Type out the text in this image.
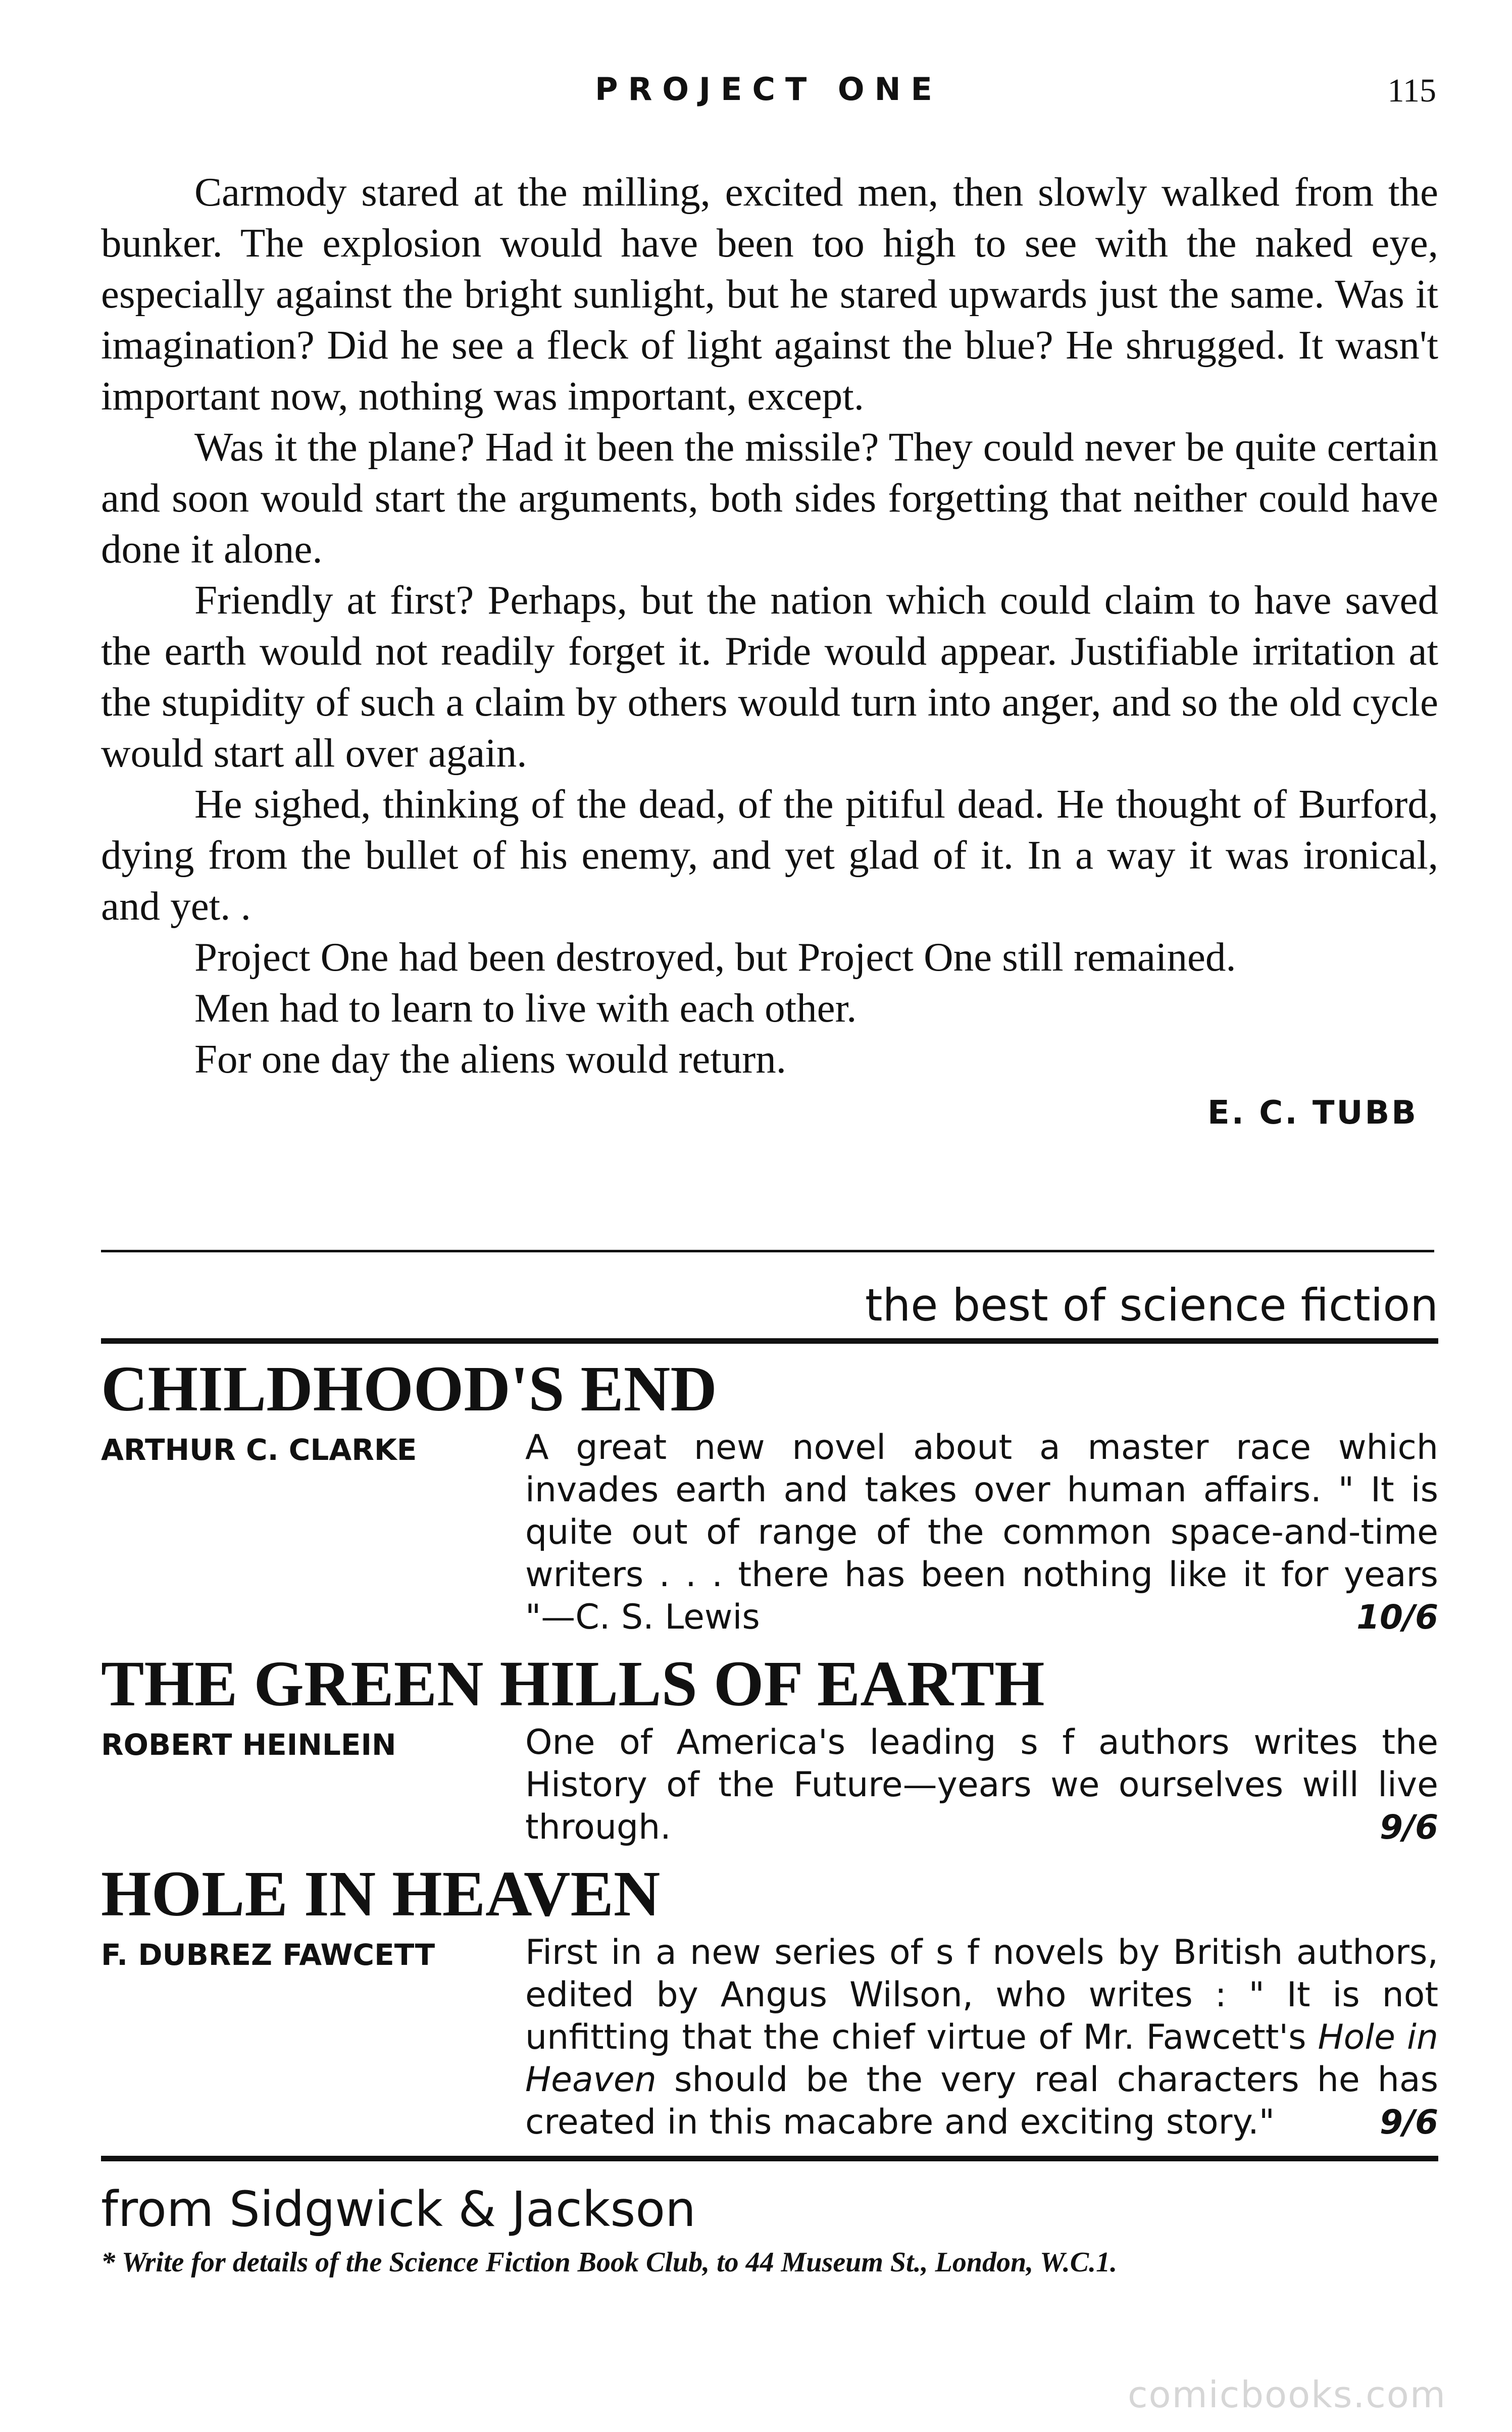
PROJECT ONE	115

Carmody stared at the milling, excited men, then slowly walked from the bunker. The explosion would have been too high to see with the naked eye, especially against the bright sunlight, but he stared upwards just the same. Was it imagination? Did he see a fleck of light against the blue? He shrugged. It wasn't important now, nothing was important, except.

Was it the plane? Had it been the missile? They could never be quite certain and soon would start the arguments, both sides forgetting that neither could have done it alone.

Friendly at first? Perhaps, but the nation which could claim to have saved the earth would not readily forget it. Pride would appear. Justifiable irritation at the stupidity of such a claim by others would turn into anger, and so the old cycle would start all over again.

He sighed, thinking of the dead, of the pitiful dead. He thought of Burford, dying from the bullet of his enemy, and yet glad of it. In a way it was ironical, and yet. .

Project One had been destroyed, but Project One still remained.

Men had to learn to live with each other.

For one day the aliens would return.

E. C. TUBB
the best of science fiction
CHILDHOOD'S END
ARTHUR C. CLARKE	A great new novel about a master race which invades earth and takes over human affairs. " It is quite out of range of the common space-and-time writers . . . there has been nothing like it for years "—C. S. Lewis	10/6
THE GREEN HILLS OF EARTH
ROBERT HEINLEIN	One of America's leading s f authors writes the History of the Future—years we ourselves will live through.	9/6
HOLE IN HEAVEN
F. DUBREZ FAWCETT	First in a new series of s f novels by British authors, edited by Angus Wilson, who writes : " It is not unfitting that the chief virtue of Mr. Fawcett's Hole in Heaven should be the very real characters he has created in this macabre and exciting story."	9/6
from Sidgwick & Jackson
* Write for details of the Science Fiction Book Club, to 44 Museum St., London, W.C.1.
comicbooks.com
